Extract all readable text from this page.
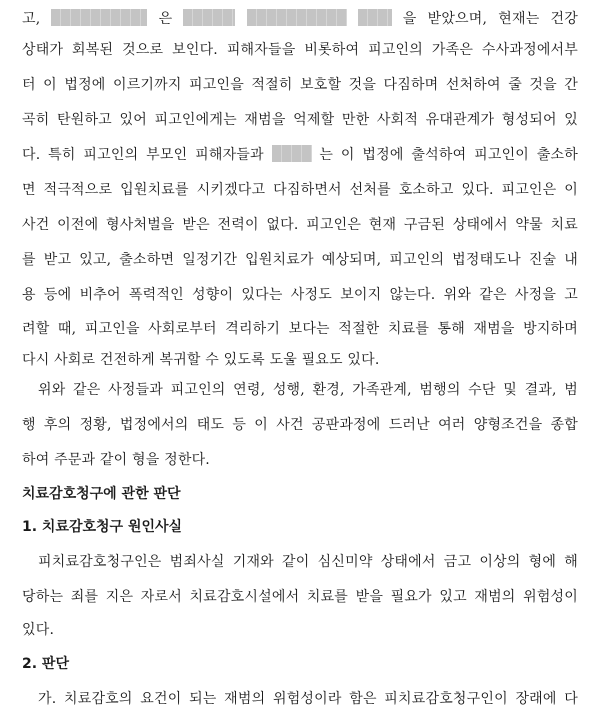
고,	은	을 받았으며, 현재는 건강
상태가 회복된 것으로 보인다. 피해자들을 비롯하여 피고인의 가족은 수사과정에서부
터 이 법정에 이르기까지 피고인을 적절히 보호할 것을 다짐하며 선처하여 줄 것을 간
곡히 탄원하고 있어 피고인에게는 재범을 억제할 만한 사회적 유대관계가 형성되어 있
다. 특히 피고인의 부모인 피해자들과	는 이 법정에 출석하여 피고인이 출소하
면 적극적으로 입원치료를 시키겠다고 다짐하면서 선처를 호소하고 있다. 피고인은 이
사건 이전에 형사처벌을 받은 전력이 없다. 피고인은 현재 구금된 상태에서 약물 치료
를 받고 있고, 출소하면 일정기간 입원치료가 예상되며, 피고인의 법정태도나 진술 내
용 등에 비추어 폭력적인 성향이 있다는 사정도 보이지 않는다. 위와 같은 사정을 고
려할 때, 피고인을 사회로부터 격리하기 보다는 적절한 치료를 통해 재범을 방지하며
다시 사회로 건전하게 복귀할 수 있도록 도울 필요도 있다.
위와 같은 사정들과 피고인의 연령, 성행, 환경, 가족관계, 범행의 수단 및 결과, 범
행 후의 정황, 법정에서의 태도 등 이 사건 공판과정에 드러난 여러 양형조건을 종합
하여 주문과 같이 형을 정한다.
치료감호청구에 관한 판단
1. 치료감호청구 원인사실
피치료감호청구인은 범죄사실 기재와 같이 심신미약 상태에서 금고 이상의 형에 해
당하는 죄를 지은 자로서 치료감호시설에서 치료를 받을 필요가 있고 재범의 위험성이
있다.
2. 판단
가. 치료감호의 요건이 되는 재범의 위험성이라 함은 피치료감호청구인이 장래에 다
